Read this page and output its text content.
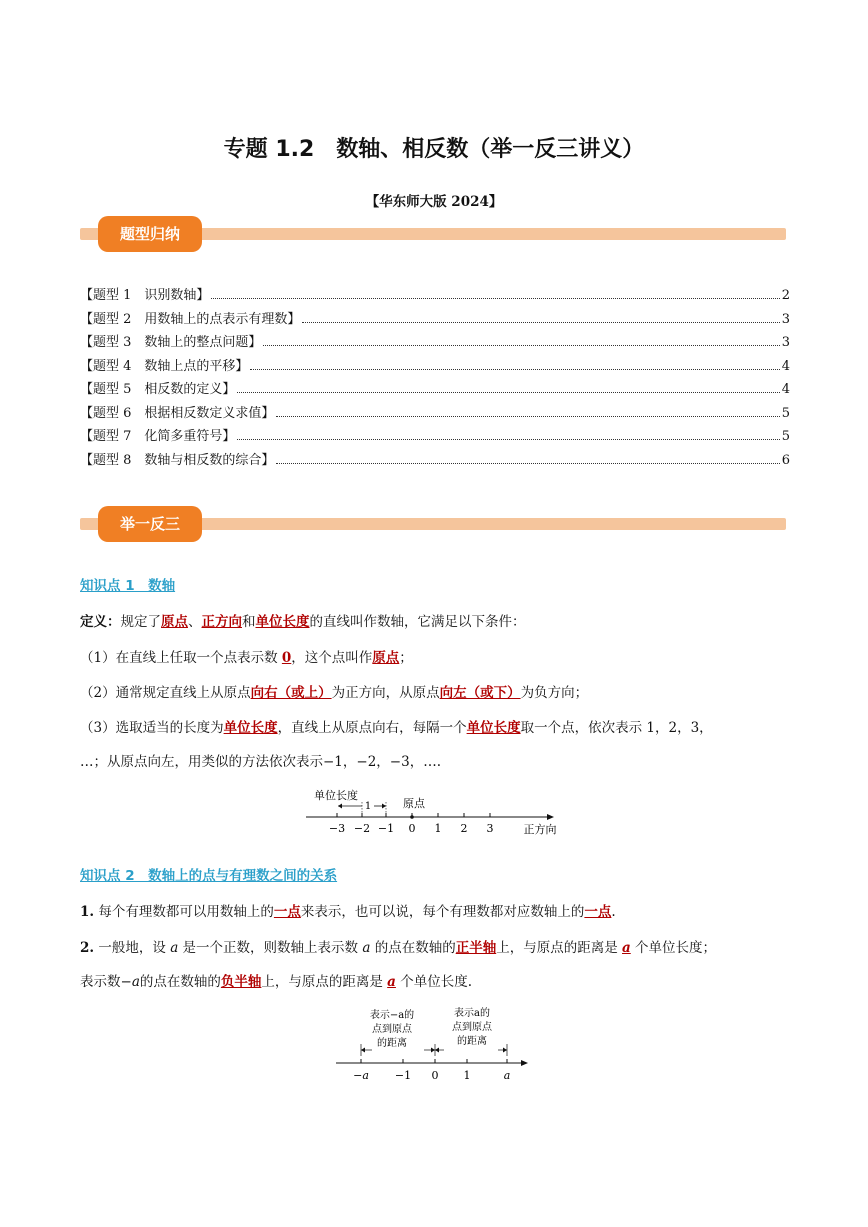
专题 1.2　数轴、相反数（举一反三讲义）
【华东师大版 2024】
题型归纳
【题型 1　识别数轴】	2
【题型 2　用数轴上的点表示有理数】	3
【题型 3　数轴上的整点问题】	3
【题型 4　数轴上点的平移】	4
【题型 5　相反数的定义】	4
【题型 6　根据相反数定义求值】	5
【题型 7　化简多重符号】	5
【题型 8　数轴与相反数的综合】	6
举一反三
知识点 1　数轴
定义：规定了原点、正方向和单位长度的直线叫作数轴，它满足以下条件：
（1）在直线上任取一个点表示数 0，这个点叫作原点；
（2）通常规定直线上从原点向右（或上）为正方向，从原点向左（或下）为负方向；
（3）选取适当的长度为单位长度，直线上从原点向右，每隔一个单位长度取一个点，依次表示 1，2，3，
…；从原点向左，用类似的方法依次表示−1，−2，−3，….
单位长度
1	原点
−3 −2 −1 0 1 2 3	正方向
知识点 2　数轴上的点与有理数之间的关系
1. 每个有理数都可以用数轴上的一点来表示，也可以说，每个有理数都对应数轴上的一点.
2. 一般地，设 a 是一个正数，则数轴上表示数 a 的点在数轴的正半轴上，与原点的距离是 a 个单位长度；
表示数−a的点在数轴的负半轴上，与原点的距离是 a 个单位长度.
表示−a的
点到原点
的距离
表示a的
点到原点
的距离
−a −1 0 1	a
